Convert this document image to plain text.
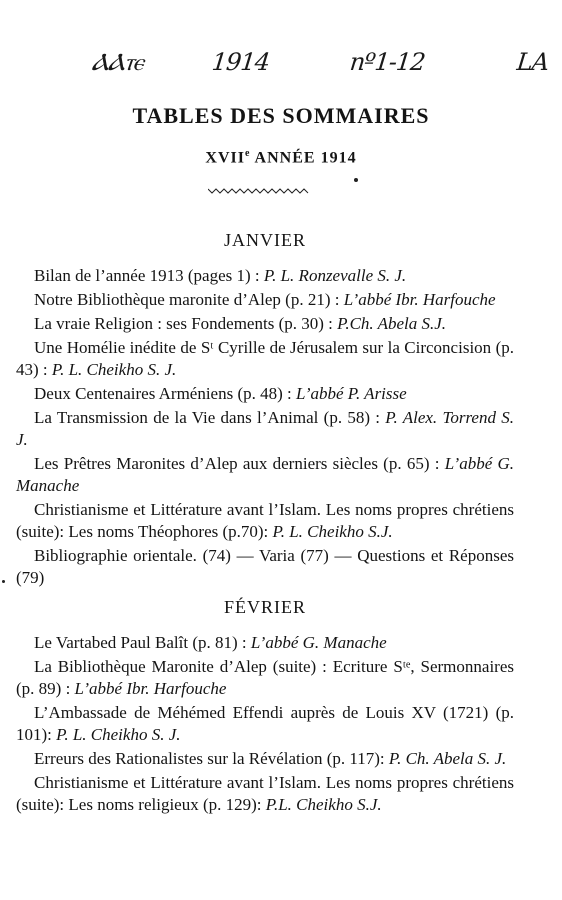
ⲀⲀⲧⲉ	1914	nº1-12	LA
TABLES DES SOMMAIRES
XVIIe ANNÉE 1914
JANVIER

Bilan de l’année 1913 (pages 1) : P. L. Ronzevalle S. J.

Notre Bibliothèque maronite d’Alep (p. 21) : L’abbé Ibr. Harfouche

La vraie Religion : ses Fondements (p. 30) : P.Ch. Abela S.J.

Une Homélie inédite de Sᵗ Cyrille de Jérusalem sur la Circoncision (p. 43) : P. L. Cheikho S. J.

Deux Centenaires Arméniens (p. 48) : L’abbé P. Arisse

La Transmission de la Vie dans l’Animal (p. 58) : P. Alex. Torrend S. J.

Les Prêtres Maronites d’Alep aux derniers siècles (p. 65) : L’abbé G. Manache

Christianisme et Littérature avant l’Islam. Les noms propres chrétiens (suite): Les noms Théophores (p.70): P. L. Cheikho S.J.

Bibliographie orientale. (74) — Varia (77) — Questions et Réponses (79)

FÉVRIER

Le Vartabed Paul Balît (p. 81) : L’abbé G. Manache

La Bibliothèque Maronite d’Alep (suite) : Ecriture Sᵗᵉ, Sermonnaires (p. 89) : L’abbé Ibr. Harfouche

L’Ambassade de Méhémed Effendi auprès de Louis XV (1721) (p. 101): P. L. Cheikho S. J.

Erreurs des Rationalistes sur la Révélation (p. 117): P. Ch. Abela S. J.

Christianisme et Littérature avant l’Islam. Les noms propres chrétiens (suite): Les noms religieux (p. 129): P.L. Cheikho S.J.
